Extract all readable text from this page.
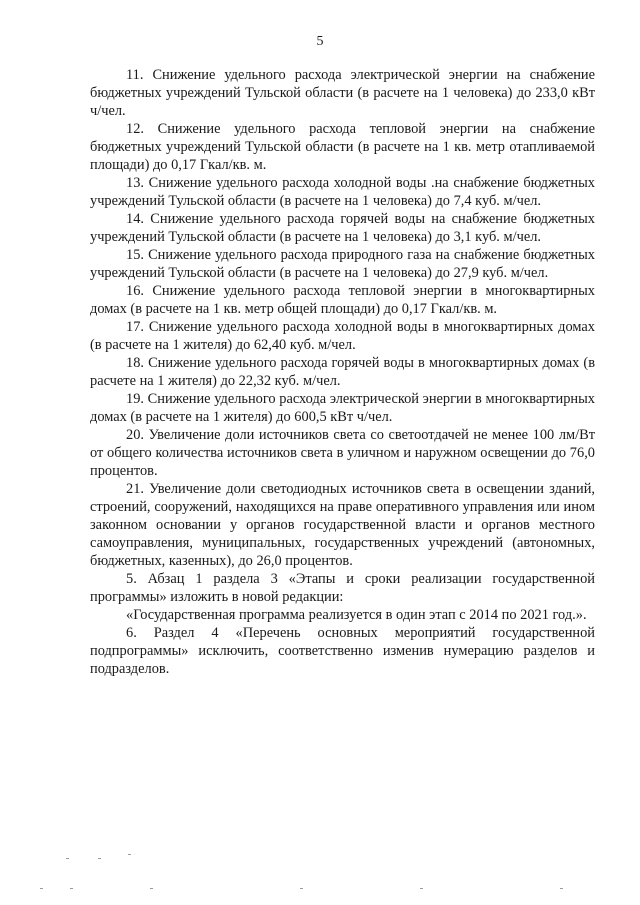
5

11. Снижение удельного расхода электрической энергии на снабжение бюджетных учреждений Тульской области (в расчете на 1 человека) до 233,0 кВт ч/чел.

12. Снижение удельного расхода тепловой энергии на снабжение бюджетных учреждений Тульской области (в расчете на 1 кв. метр отапливаемой площади) до 0,17 Гкал/кв. м.

13. Снижение удельного расхода холодной воды .на снабжение бюджетных учреждений Тульской области (в расчете на 1 человека) до 7,4 куб. м/чел.

14. Снижение удельного расхода горячей воды на снабжение бюджетных учреждений Тульской области (в расчете на 1 человека) до 3,1 куб. м/чел.

15. Снижение удельного расхода природного газа на снабжение бюджетных учреждений Тульской области (в расчете на 1 человека) до 27,9 куб. м/чел.

16. Снижение удельного расхода тепловой энергии в многоквартирных домах (в расчете на 1 кв. метр общей площади) до 0,17 Гкал/кв. м.

17. Снижение удельного расхода холодной воды в многоквартирных домах (в расчете на 1 жителя) до 62,40 куб. м/чел.

18. Снижение удельного расхода горячей воды в многоквартирных домах (в расчете на 1 жителя) до 22,32 куб. м/чел.

19. Снижение удельного расхода электрической энергии в многоквартирных домах (в расчете на 1 жителя) до 600,5 кВт ч/чел.

20. Увеличение доли источников света со светоотдачей не менее 100 лм/Вт от общего количества источников света в уличном и наружном освещении до 76,0 процентов.

21. Увеличение доли светодиодных источников света в освещении зданий, строений, сооружений, находящихся на праве оперативного управления или ином законном основании у органов государственной власти и органов местного самоуправления, муниципальных, государственных учреждений (автономных, бюджетных, казенных), до 26,0 процентов.

5. Абзац 1 раздела 3 «Этапы и сроки реализации государственной программы» изложить в новой редакции:

«Государственная программа реализуется в один этап с 2014 по 2021 год.».

6. Раздел 4 «Перечень основных мероприятий государственной подпрограммы» исключить, соответственно изменив нумерацию разделов и подразделов.
